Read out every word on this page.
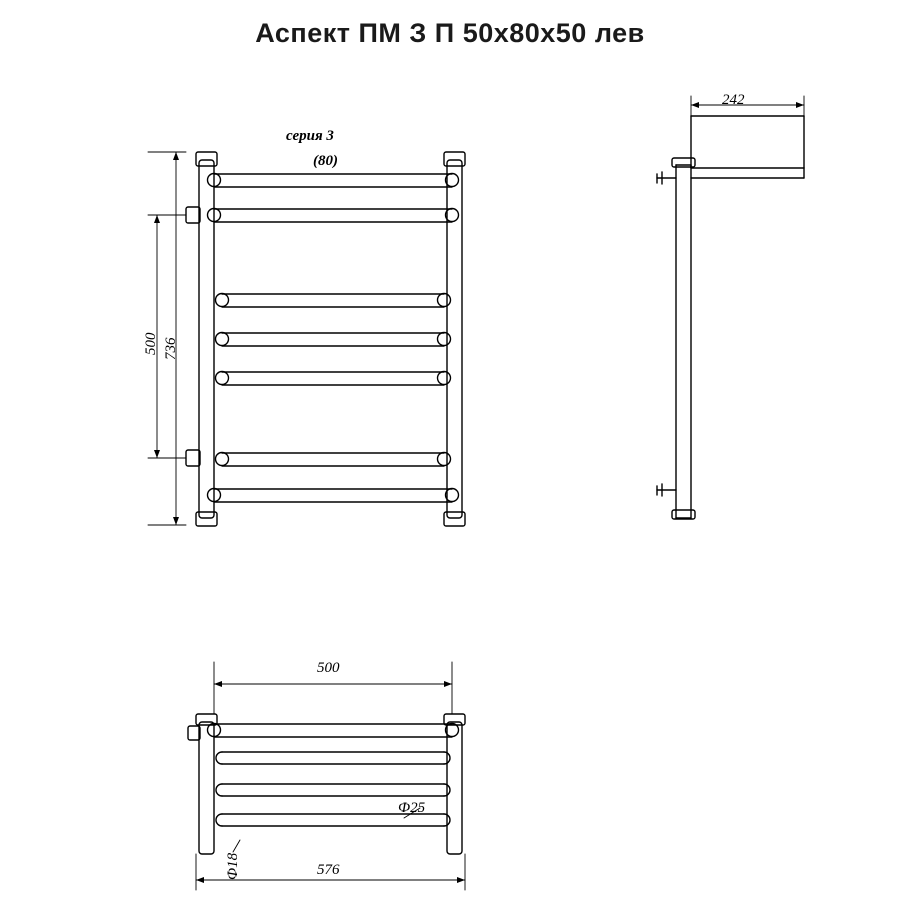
Аспект ПМ З П 50х80х50 лев
серия 3
(80)
500 736
242
500
576
Ф25
Ф18
